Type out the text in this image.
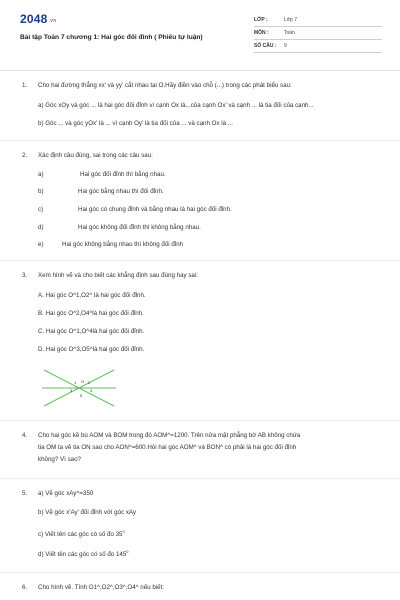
2048.vn
Bài tập Toán 7 chương 1: Hai góc đối đỉnh ( Phiếu tự luận)
LỚP :	Lớp 7
MÔN :	Toán
SỐ CÂU : 9
1. Cho hai đường thẳng xx' và yy' cắt nhau tại O.Hãy điền vào chỗ (...) trong các phát biểu sau:
a) Góc xOy và góc ... là hai góc đối đỉnh vì cạnh Ox là...của cạnh Ox' và cạnh ... là tia đối của cạnh...
b) Góc ... và góc yOx' là ... vì cạnh Oy' là tia đối của ... và cạnh Ox là ...
2. Xác định câu đúng, sai trong các câu sau:
a)	Hai góc đối đỉnh thì bằng nhau.
b)	Hai góc bằng nhau thì đối đỉnh.
c)	Hai góc có chung đỉnh và bằng nhau là hai góc đối đỉnh.
d)	Hai góc không đối đỉnh thì không bằng nhau.
e)	Hai góc không bằng nhau thì không đối đỉnh
3. Xem hình vẽ và cho biết các khẳng định sau đúng hay sai:
A. Hai góc O^1,O2^ là hai góc đối đỉnh.
B. Hai góc O^2,O4^là hai góc đối đỉnh.
C. Hai góc O^1,O^4là hai góc đối đỉnh.
D. Hai góc O^3,O5^là hai góc đối đỉnh.
1 O 2
3	4
5
4. Cho hai góc kề bù AOM và BOM trong đó AOM^=1200. Trên nửa mặt phẳng bờ AB không chứa
tia OM ta vẽ tia ON sao cho AON^=600.Hỏi hai góc AOM^ và BON^ có phải là hai góc đối đỉnh
không? Vì sao?
5. a) Vẽ góc xAy^=350
b) Vẽ góc x'Ay' đối đỉnh với góc xAy
c) Viết tên các góc có số đo $35^0$
d) Viết tên các góc có số đo $145^0$
6. Cho hình vẽ. Tính O1^,O2^,O3^,O4^ nếu biết:
